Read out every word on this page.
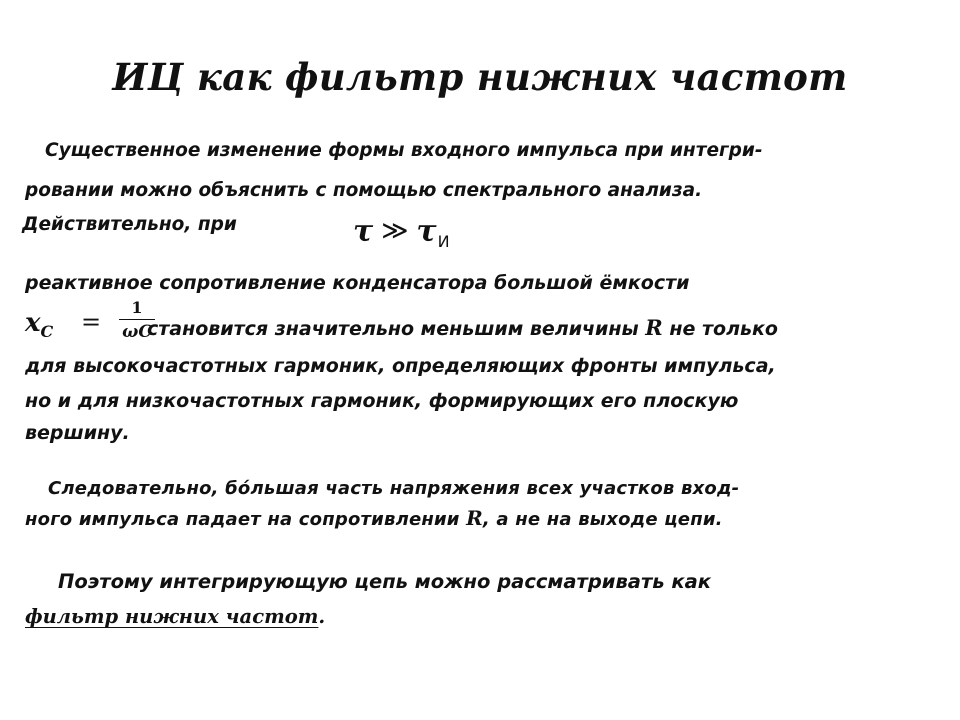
ИЦ как фильтр нижних частот

Существенное изменение формы входного импульса при интегри-

ровании можно объяснить с помощью спектрального анализа.

Действительно, при	τ ≫ $\tau_И$

реактивное сопротивление конденсатора большой ёмкости

$x_C$ =
1
ωC

становится значительно меньшим величины R не только

для высокочастотных гармоник, определяющих фронты импульса,

но и для низкочастотных гармоник, формирующих его плоскую

вершину.

Следовательно, бо́льшая часть напряжения всех участков вход-

ного импульса падает на сопротивлении R, а не на выходе цепи.

Поэтому интегрирующую цепь можно рассматривать как

фильтр нижних частот.
